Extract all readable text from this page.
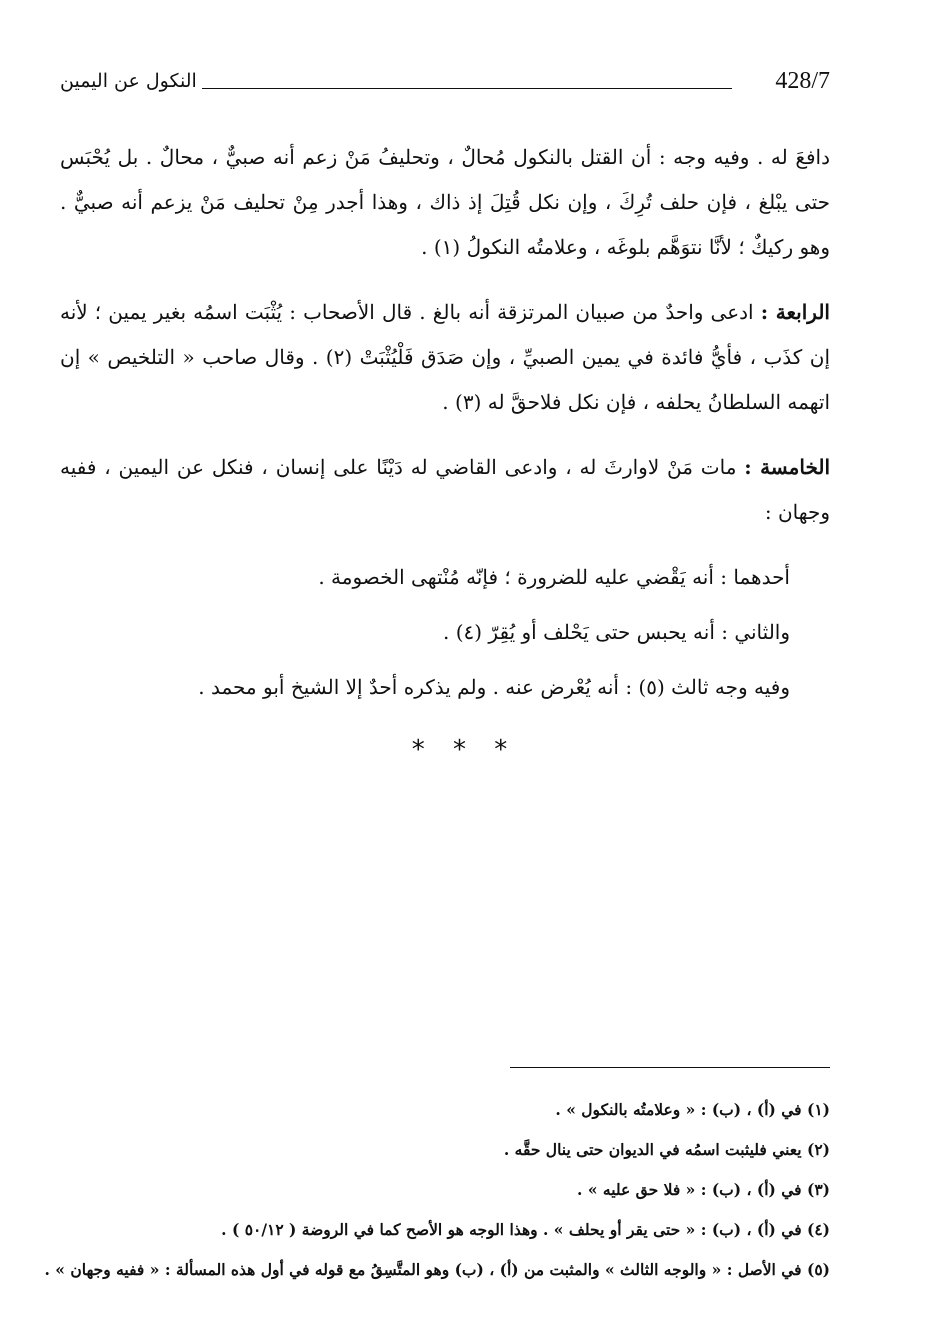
428/7
النكول عن اليمين

دافعَ له . وفيه وجه : أن القتل بالنكول مُحالٌ ، وتحليفُ مَنْ زعم أنه صبيٌّ ، محالٌ . بل يُحْبَس حتى يبْلغ ، فإن حلف تُرِكَ ، وإن نكل قُتِلَ إذ ذاك ، وهذا أجدر مِنْ تحليف مَنْ يزعم أنه صبيٌّ . وهو ركيكٌ ؛ لأنَّا نتوَهَّم بلوغَه ، وعلامتُه النكولُ (١) .

الرابعة : ادعى واحدٌ من صبيان المرتزقة أنه بالغ . قال الأصحاب : يُثْبَت اسمُه بغير يمين ؛ لأنه إن كذَب ، فأيُّ فائدة في يمين الصبيِّ ، وإن صَدَق فَلْيُثْبَتْ (٢) . وقال صاحب « التلخيص » إن اتهمه السلطانُ يحلفه ، فإن نكل فلاحقَّ له (٣) .

الخامسة : مات مَنْ لاوارثَ له ، وادعى القاضي له دَيْنًا على إنسان ، فنكل عن اليمين ، ففيه وجهان :

أحدهما : أنه يَقْضي عليه للضرورة ؛ فإنّه مُنْتهى الخصومة .

والثاني : أنه يحبس حتى يَحْلف أو يُقِرّ (٤) .

وفيه وجه ثالث (٥) : أنه يُعْرض عنه . ولم يذكره أحدٌ إلا الشيخ أبو محمد .

* * *

(١) في (أ) ، (ب) : « وعلامتُه بالنكول » .

(٢) يعني فليثبت اسمُه في الديوان حتى ينال حقَّه .

(٣) في (أ) ، (ب) : « فلا حق عليه » .

(٤) في (أ) ، (ب) : « حتى يقر أو يحلف » . وهذا الوجه هو الأصح كما في الروضة ( ٥٠/١٢ ) .

(٥) في الأصل : « والوجه الثالث » والمثبت من (أ) ، (ب) وهو المتَّسِقُ مع قوله في أول هذه المسألة : « ففيه وجهان » .
